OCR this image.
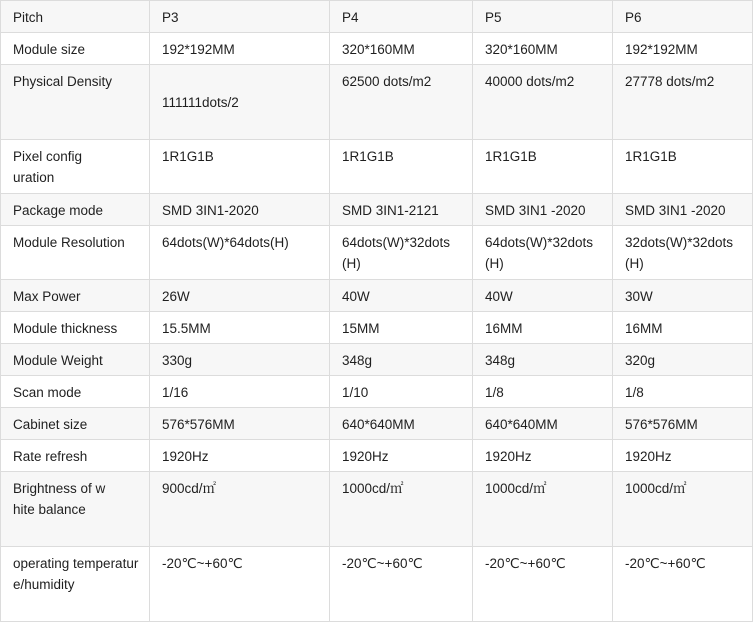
Pitch	P3	P4	P5	P6
Module size	192*192MM	320*160MM	320*160MM	192*192MM
Physical Density	111111dots/2	62500 dots/m2	40000 dots/m2	27778 dots/m2
Pixel configuration	1R1G1B	1R1G1B	1R1G1B	1R1G1B
Package mode	SMD 3IN1-2020	SMD 3IN1-2121	SMD 3IN1 -2020	SMD 3IN1 -2020
Module Resolution	64dots(W)*64dots(H)	64dots(W)*32dots(H)	64dots(W)*32dots(H)	32dots(W)*32dots(H)
Max Power	26W	40W	40W	30W
Module thickness	15.5MM	15MM	16MM	16MM
Module Weight	330g	348g	348g	320g
Scan mode	1/16	1/10	1/8	1/8
Cabinet size	576*576MM	640*640MM	640*640MM	576*576MM
Rate refresh	1920Hz	1920Hz	1920Hz	1920Hz
Brightness of white balance	900cd/㎡	1000cd/㎡	1000cd/㎡	1000cd/㎡
operating temperature/humidity	-20℃~+60℃	-20℃~+60℃	-20℃~+60℃	-20℃~+60℃
